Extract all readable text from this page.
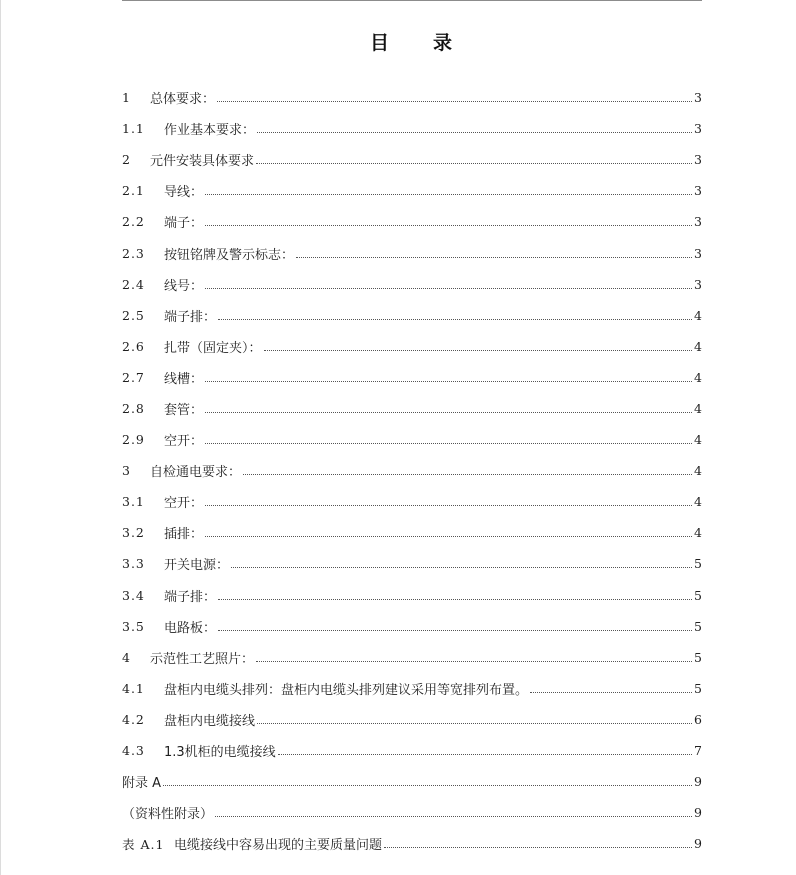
目　　录
1	总体要求：	3
1.1	作业基本要求：	3
2	元件安装具体要求	3
2.1	导线：	3
2.2	端子：	3
2.3	按钮铭牌及警示标志：	3
2.4	线号：	3
2.5	端子排：	4
2.6	扎带（固定夹）：	4
2.7	线槽：	4
2.8	套管：	4
2.9	空开：	4
3	自检通电要求：	4
3.1	空开：	4
3.2	插排：	4
3.3	开关电源：	5
3.4	端子排：	5
3.5	电路板：	5
4	示范性工艺照片：	5
4.1	盘柜内电缆头排列：盘柜内电缆头排列建议采用等宽排列布置。	5
4.2	盘柜内电缆接线	6
4.3	1.3机柜的电缆接线	7
附录 A	9
（资料性附录）	9
表 A.1 电缆接线中容易出现的主要质量问题	9
